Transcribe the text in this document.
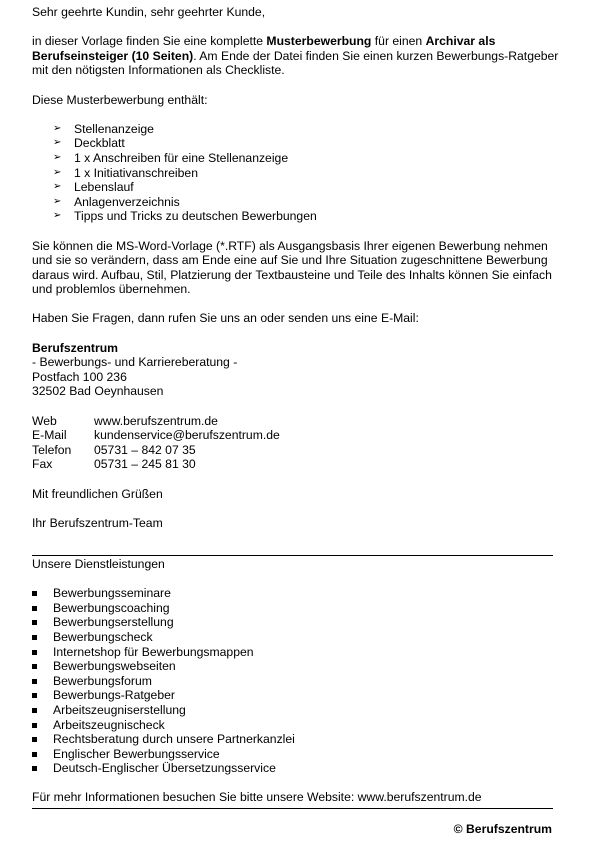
Sehr geehrte Kundin, sehr geehrter Kunde,

in dieser Vorlage finden Sie eine komplette Musterbewerbung für einen Archivar als Berufseinsteiger (10 Seiten). Am Ende der Datei finden Sie einen kurzen Bewerbungs-Ratgeber mit den nötigsten Informationen als Checkliste.

Diese Musterbewerbung enthält:

➢ Stellenanzeige
➢ Deckblatt
➢ 1 x Anschreiben für eine Stellenanzeige
➢ 1 x Initiativanschreiben
➢ Lebenslauf
➢ Anlagenverzeichnis
➢ Tipps und Tricks zu deutschen Bewerbungen

Sie können die MS-Word-Vorlage (*.RTF) als Ausgangsbasis Ihrer eigenen Bewerbung nehmen und sie so verändern, dass am Ende eine auf Sie und Ihre Situation zugeschnittene Bewerbung daraus wird. Aufbau, Stil, Platzierung der Textbausteine und Teile des Inhalts können Sie einfach und problemlos übernehmen.

Haben Sie Fragen, dann rufen Sie uns an oder senden uns eine E-Mail:

Berufszentrum

- Bewerbungs- und Karriereberatung -

Postfach 100 236

32502 Bad Oeynhausen

Web	www.berufszentrum.de
E-Mail	kundenservice@berufszentrum.de
Telefon	05731 – 842 07 35
Fax	05731 – 245 81 30

Mit freundlichen Grüßen

Ihr Berufszentrum-Team

Unsere Dienstleistungen

Bewerbungsseminare
Bewerbungscoaching
Bewerbungserstellung
Bewerbungscheck
Internetshop für Bewerbungsmappen
Bewerbungswebseiten
Bewerbungsforum
Bewerbungs-Ratgeber
Arbeitszeugniserstellung
Arbeitszeugnischeck
Rechtsberatung durch unsere Partnerkanzlei
Englischer Bewerbungsservice
Deutsch-Englischer Übersetzungsservice

Für mehr Informationen besuchen Sie bitte unsere Website: www.berufszentrum.de

© Berufszentrum
